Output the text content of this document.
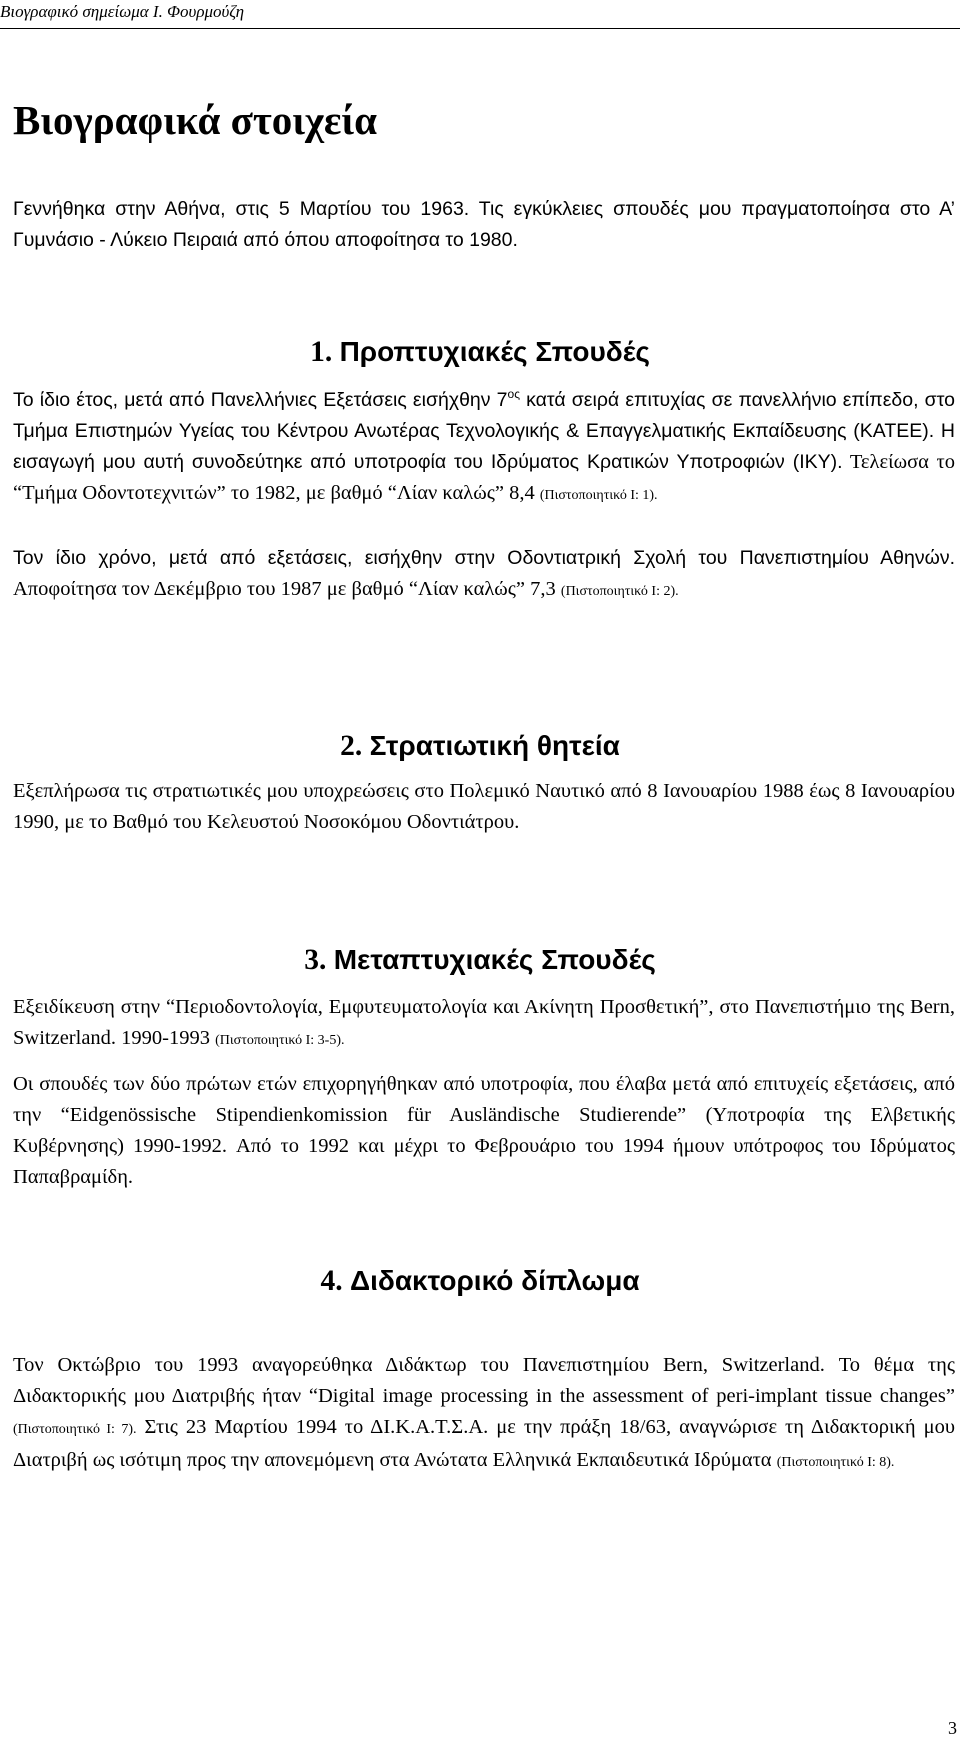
Βιογραφικό σημείωμα Ι. Φουρμούζη
Βιογραφικά στοιχεία

Γεννήθηκα στην Αθήνα, στις 5 Μαρτίου του 1963. Τις εγκύκλειες σπουδές μου πραγματοποίησα στο Α’ Γυμνάσιο - Λύκειο Πειραιά από όπου αποφοίτησα το 1980.

1. Προπτυχιακές Σπουδές

Το ίδιο έτος, μετά από Πανελλήνιες Εξετάσεις εισήχθην $7^{o\varsigma}$ κατά σειρά επιτυχίας σε πανελλήνιο επίπεδο, στο Τμήμα Επιστημών Υγείας του Κέντρου Ανωτέρας Τεχνολογικής & Επαγγελματικής Εκπαίδευσης (ΚΑΤΕΕ). Η εισαγωγή μου αυτή συνοδεύτηκε από υποτροφία του Ιδρύματος Κρατικών Υποτροφιών (ΙΚΥ). Τελείωσα το “Τμήμα Οδοντοτεχνιτών” το 1982, με βαθμό “Λίαν καλώς” 8,4 (Πιστοποιητικό Ι: 1).

Τον ίδιο χρόνο, μετά από εξετάσεις, εισήχθην στην Οδοντιατρική Σχολή του Πανεπιστημίου Αθηνών. Αποφοίτησα τον Δεκέμβριο του 1987 με βαθμό “Λίαν καλώς” 7,3 (Πιστοποιητικό Ι: 2).

2. Στρατιωτική θητεία

Εξεπλήρωσα τις στρατιωτικές μου υποχρεώσεις στο Πολεμικό Ναυτικό από 8 Ιανουαρίου 1988 έως 8 Ιανουαρίου 1990, με το Βαθμό του Κελευστού Νοσοκόμου Οδοντιάτρου.

3. Μεταπτυχιακές Σπουδές

Εξειδίκευση στην “Περιοδοντολογία, Εμφυτευματολογία και Ακίνητη Προσθετική”, στο Πανεπιστήμιο της Bern, Switzerland. 1990-1993 (Πιστοποιητικό Ι: 3-5).

Οι σπουδές των δύο πρώτων ετών επιχορηγήθηκαν από υποτροφία, που έλαβα μετά από επιτυχείς εξετάσεις, από την “Eidgenössische Stipendienkomission für Ausländische Studierende” (Υποτροφία της Ελβετικής Κυβέρνησης) 1990-1992. Από το 1992 και μέχρι το Φεβρουάριο του 1994 ήμουν υπότροφος του Ιδρύματος Παπαβραμίδη.

4. Διδακτορικό δίπλωμα

Τον Οκτώβριο του 1993 αναγορεύθηκα Διδάκτωρ του Πανεπιστημίου Bern, Switzerland. Το θέμα της Διδακτορικής μου Διατριβής ήταν “Digital image processing in the assessment of peri-implant tissue changes” (Πιστοποιητικό Ι: 7). Στις 23 Μαρτίου 1994 το ΔΙ.Κ.Α.Τ.Σ.Α. με την πράξη 18/63, αναγνώρισε τη Διδακτορική μου Διατριβή ως ισότιμη προς την απονεμόμενη στα Ανώτατα Ελληνικά Εκπαιδευτικά Ιδρύματα (Πιστοποιητικό Ι: 8).

3
